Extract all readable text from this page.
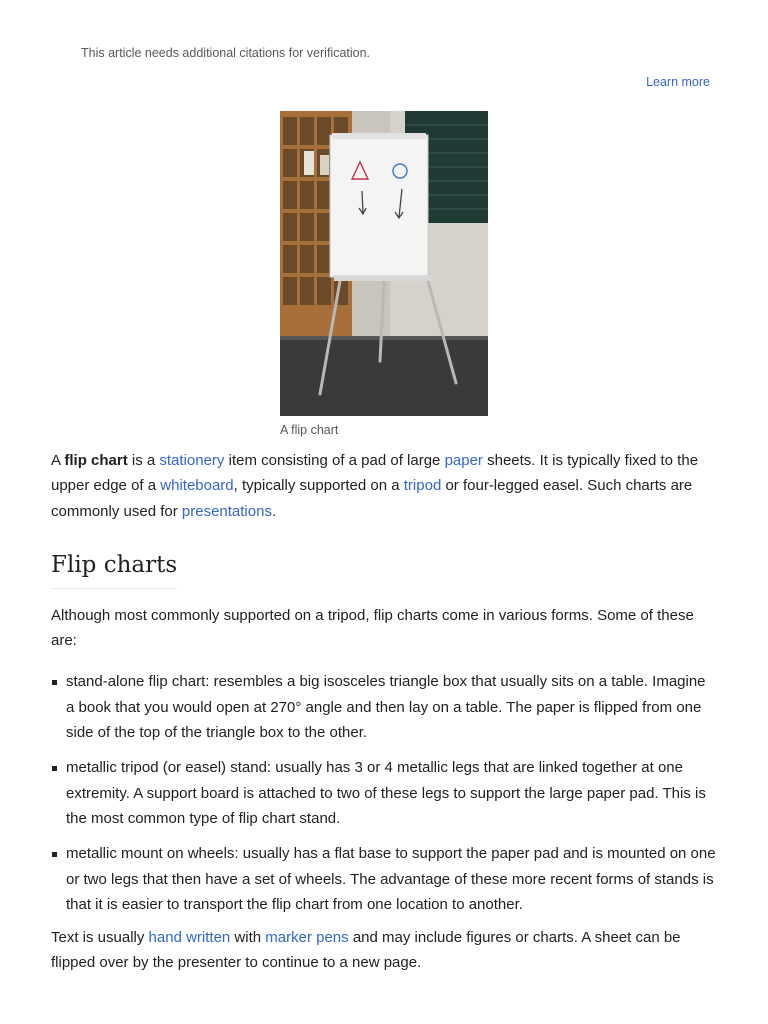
This article needs additional citations for verification.
Learn more
A flip chart

A flip chart is a stationery item consisting of a pad of large paper sheets. It is typically fixed to the upper edge of a whiteboard, typically supported on a tripod or four-legged easel. Such charts are commonly used for presentations.

Flip charts

Although most commonly supported on a tripod, flip charts come in various forms. Some of these are:

stand-alone flip chart: resembles a big isosceles triangle box that usually sits on a table. Imagine a book that you would open at 270° angle and then lay on a table. The paper is flipped from one side of the top of the triangle box to the other.
metallic tripod (or easel) stand: usually has 3 or 4 metallic legs that are linked together at one extremity. A support board is attached to two of these legs to support the large paper pad. This is the most common type of flip chart stand.
metallic mount on wheels: usually has a flat base to support the paper pad and is mounted on one or two legs that then have a set of wheels. The advantage of these more recent forms of stands is that it is easier to transport the flip chart from one location to another.

Text is usually hand written with marker pens and may include figures or charts. A sheet can be flipped over by the presenter to continue to a new page.
